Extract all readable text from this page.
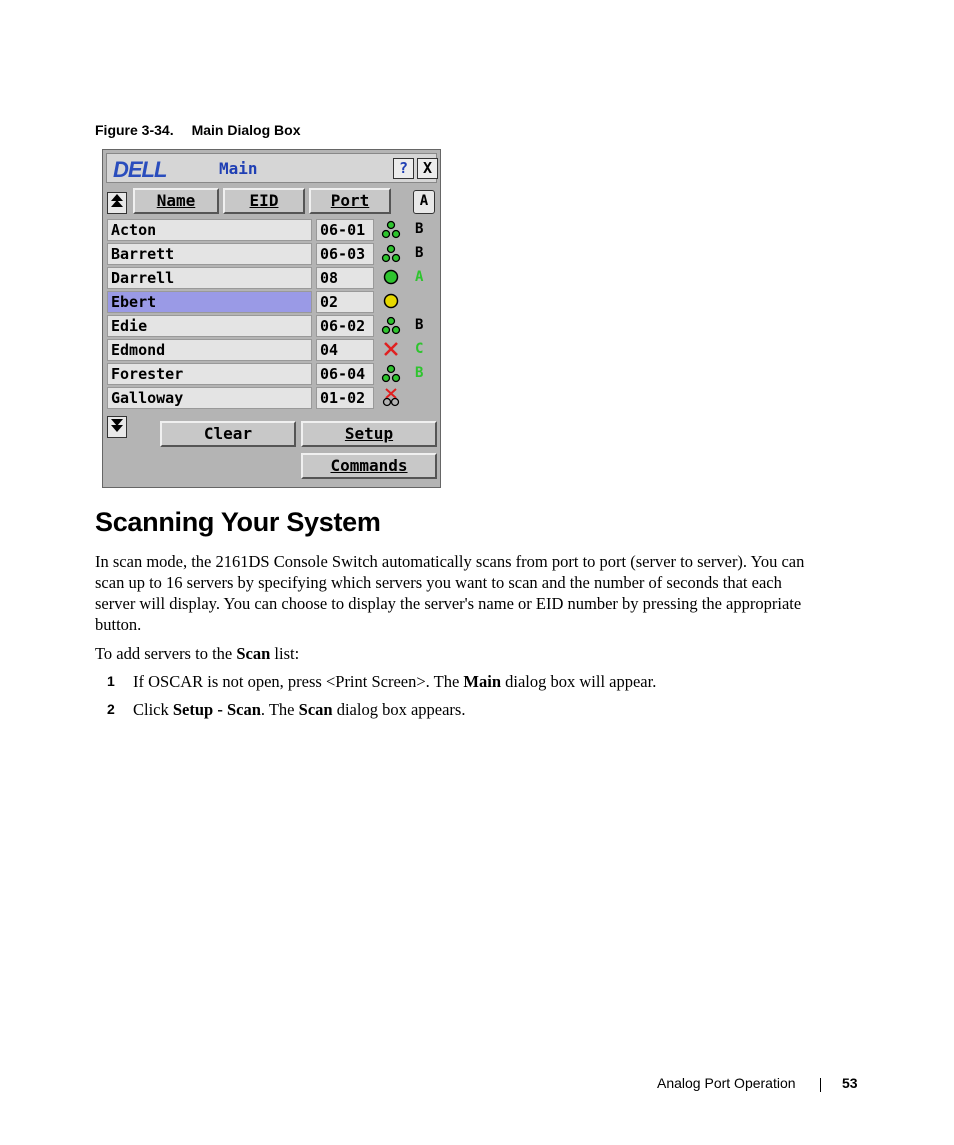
Figure 3-34. Main Dialog Box
DELL	Main	? X
Name	EID	Port	A
Acton	06-01	B
Barrett	06-03	B
Darrell	08	A
Ebert	02
Edie	06-02	B
Edmond	04	C
Forester	06-04	B
Galloway	01-02
Clear	Setup
Commands
Scanning Your System

In scan mode, the 2161DS Console Switch automatically scans from port to port (server to server). You can scan up to 16 servers by specifying which servers you want to scan and the number of seconds that each server will display. You can choose to display the server's name or EID number by pressing the appropriate button.

To add servers to the Scan list:

1 If OSCAR is not open, press <Print Screen>. The Main dialog box will appear.
2 Click Setup - Scan. The Scan dialog box appears.
Analog Port Operation	53
